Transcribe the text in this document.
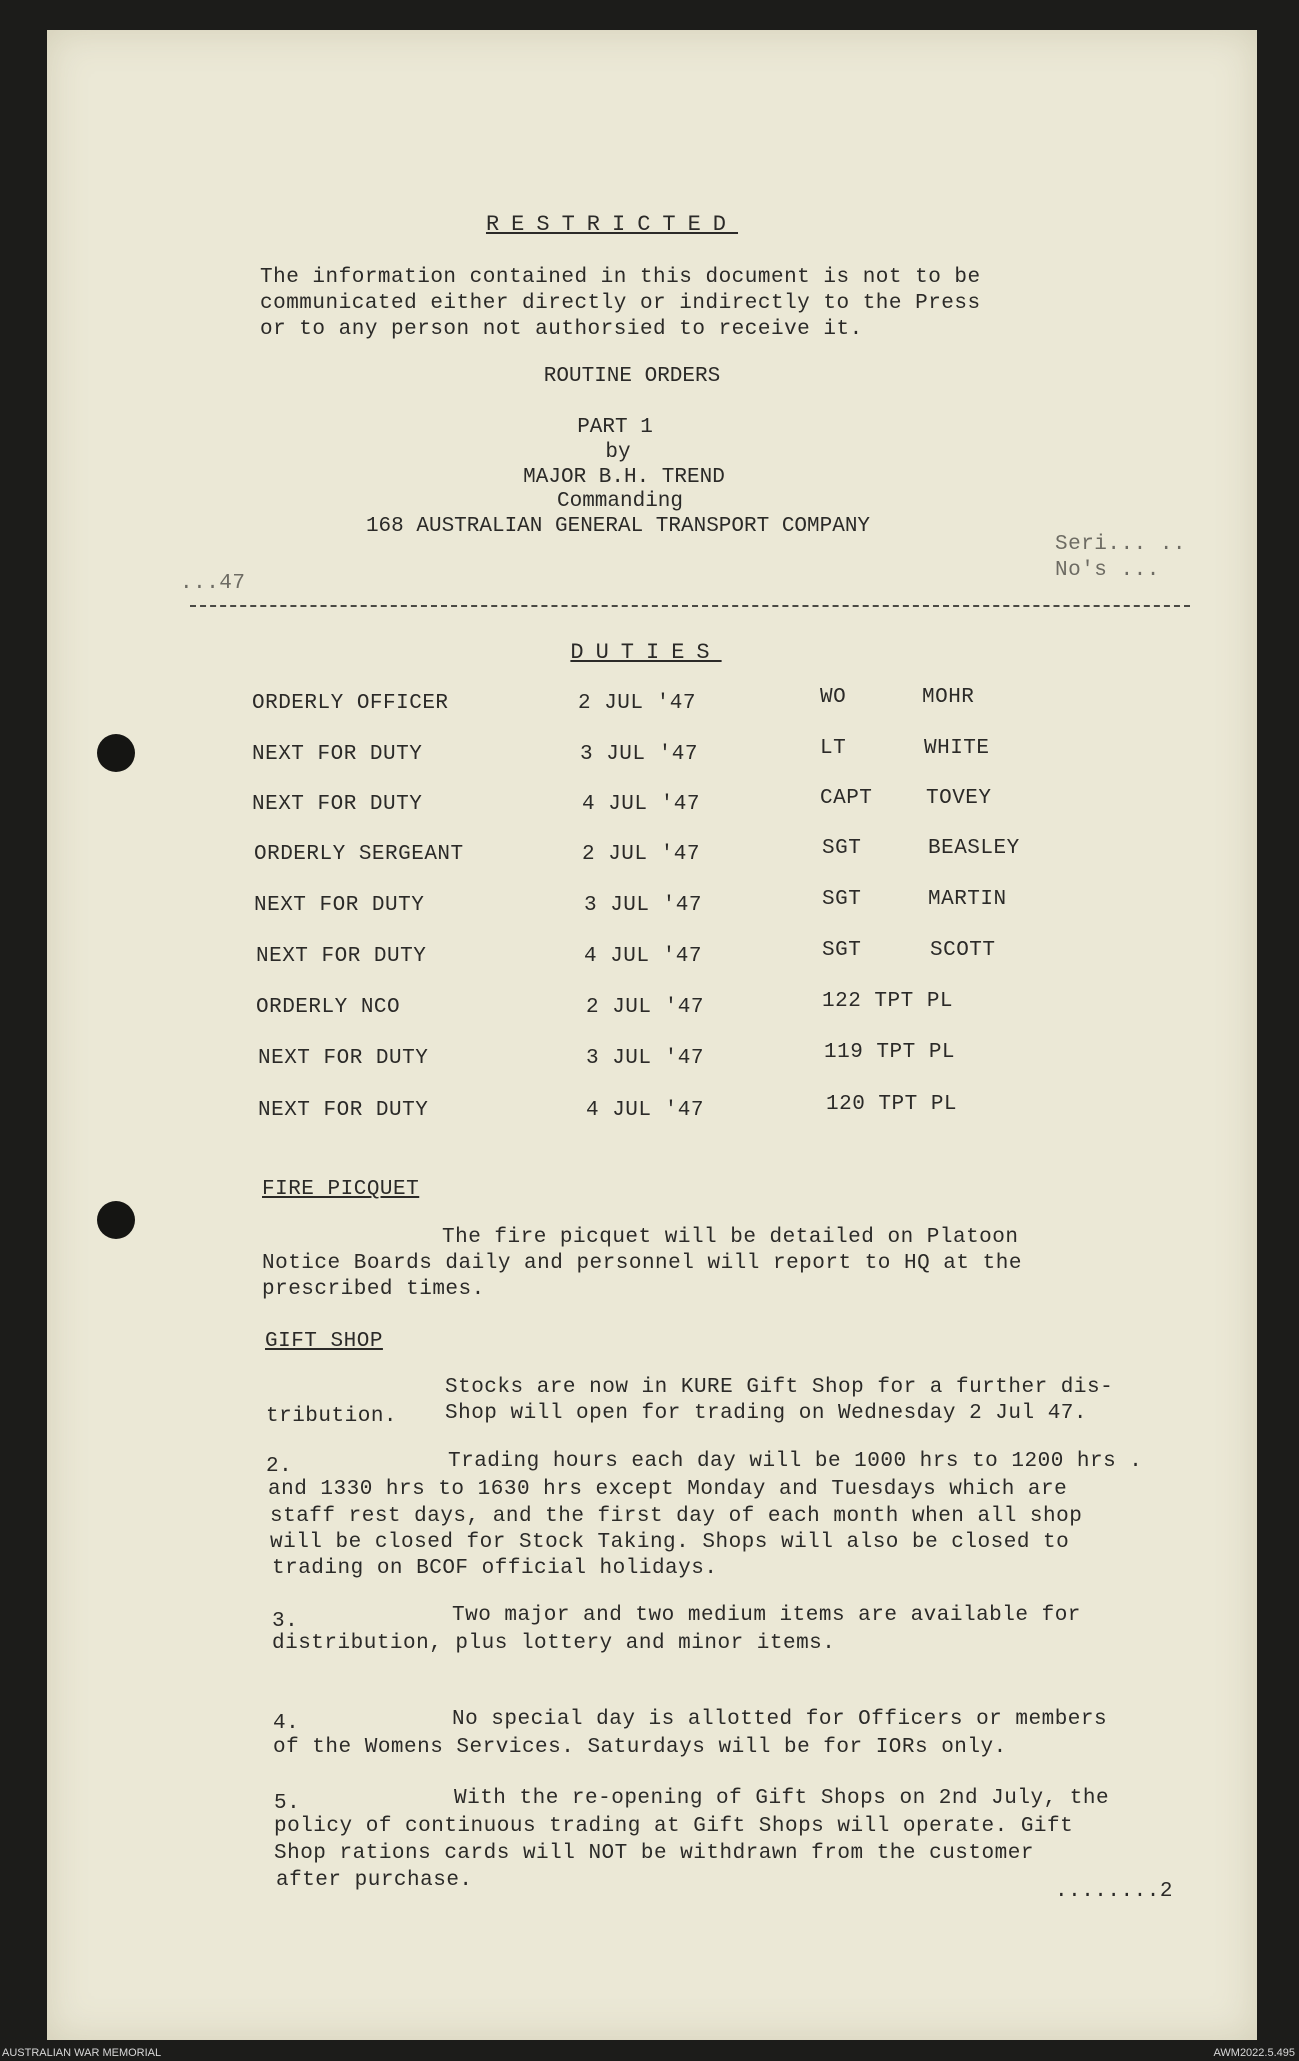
RESTRICTED
The information contained in this document is not to be
communicated either directly or indirectly to the Press
or to any person not authorsied to receive it.
ROUTINE ORDERS
PART 1
by
MAJOR B.H. TREND
Commanding
168 AUSTRALIAN GENERAL TRANSPORT COMPANY
Seri... ..
No's ...
...47
DUTIES
ORDERLY OFFICER	2 JUL '47	WO	MOHR
NEXT FOR DUTY	3 JUL '47	LT	WHITE
NEXT FOR DUTY	4 JUL '47	CAPT	TOVEY
ORDERLY SERGEANT	2 JUL '47	SGT	BEASLEY
NEXT FOR DUTY	3 JUL '47	SGT	MARTIN
NEXT FOR DUTY	4 JUL '47	SGT	SCOTT
ORDERLY NCO	2 JUL '47	122 TPT PL
NEXT FOR DUTY	3 JUL '47	119 TPT PL
NEXT FOR DUTY	4 JUL '47	120 TPT PL
FIRE PICQUET
The fire picquet will be detailed on Platoon
Notice Boards daily and personnel will report to HQ at the
prescribed times.
GIFT SHOP
Stocks are now in KURE Gift Shop for a further dis-
tribution. Shop will open for trading on Wednesday 2 Jul 47.
2.	Trading hours each day will be 1000 hrs to 1200 hrs .
and 1330 hrs to 1630 hrs except Monday and Tuesdays which are
staff rest days, and the first day of each month when all shop
will be closed for Stock Taking. Shops will also be closed to
trading on BCOF official holidays.
3.	Two major and two medium items are available for
distribution, plus lottery and minor items.
4.	No special day is allotted for Officers or members
of the Womens Services. Saturdays will be for IORs only.
5.	With the re-opening of Gift Shops on 2nd July, the
policy of continuous trading at Gift Shops will operate. Gift
Shop rations cards will NOT be withdrawn from the customer
after purchase.	........2
AUSTRALIAN WAR MEMORIAL	AWM2022.5.495
